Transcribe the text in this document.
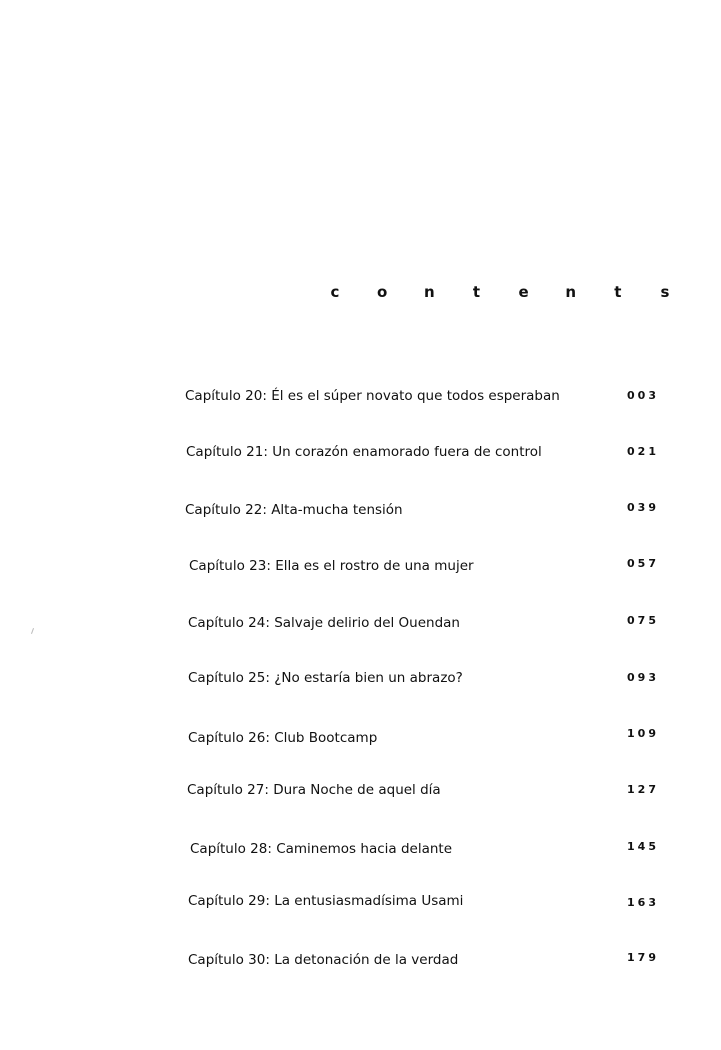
c	o	n	t	e	n	t	s
Capítulo 20: Él es el súper novato que todos esperaban	003
Capítulo 21: Un corazón enamorado fuera de control	021
Capítulo 22: Alta-mucha tensión	039
Capítulo 23: Ella es el rostro de una mujer	057
Capítulo 24: Salvaje delirio del Ouendan	075
Capítulo 25: ¿No estaría bien un abrazo?	093
Capítulo 26: Club Bootcamp	109
Capítulo 27: Dura Noche de aquel día	127
Capítulo 28: Caminemos hacia delante	145
Capítulo 29: La entusiasmadísima Usami	163
Capítulo 30: La detonación de la verdad	179
